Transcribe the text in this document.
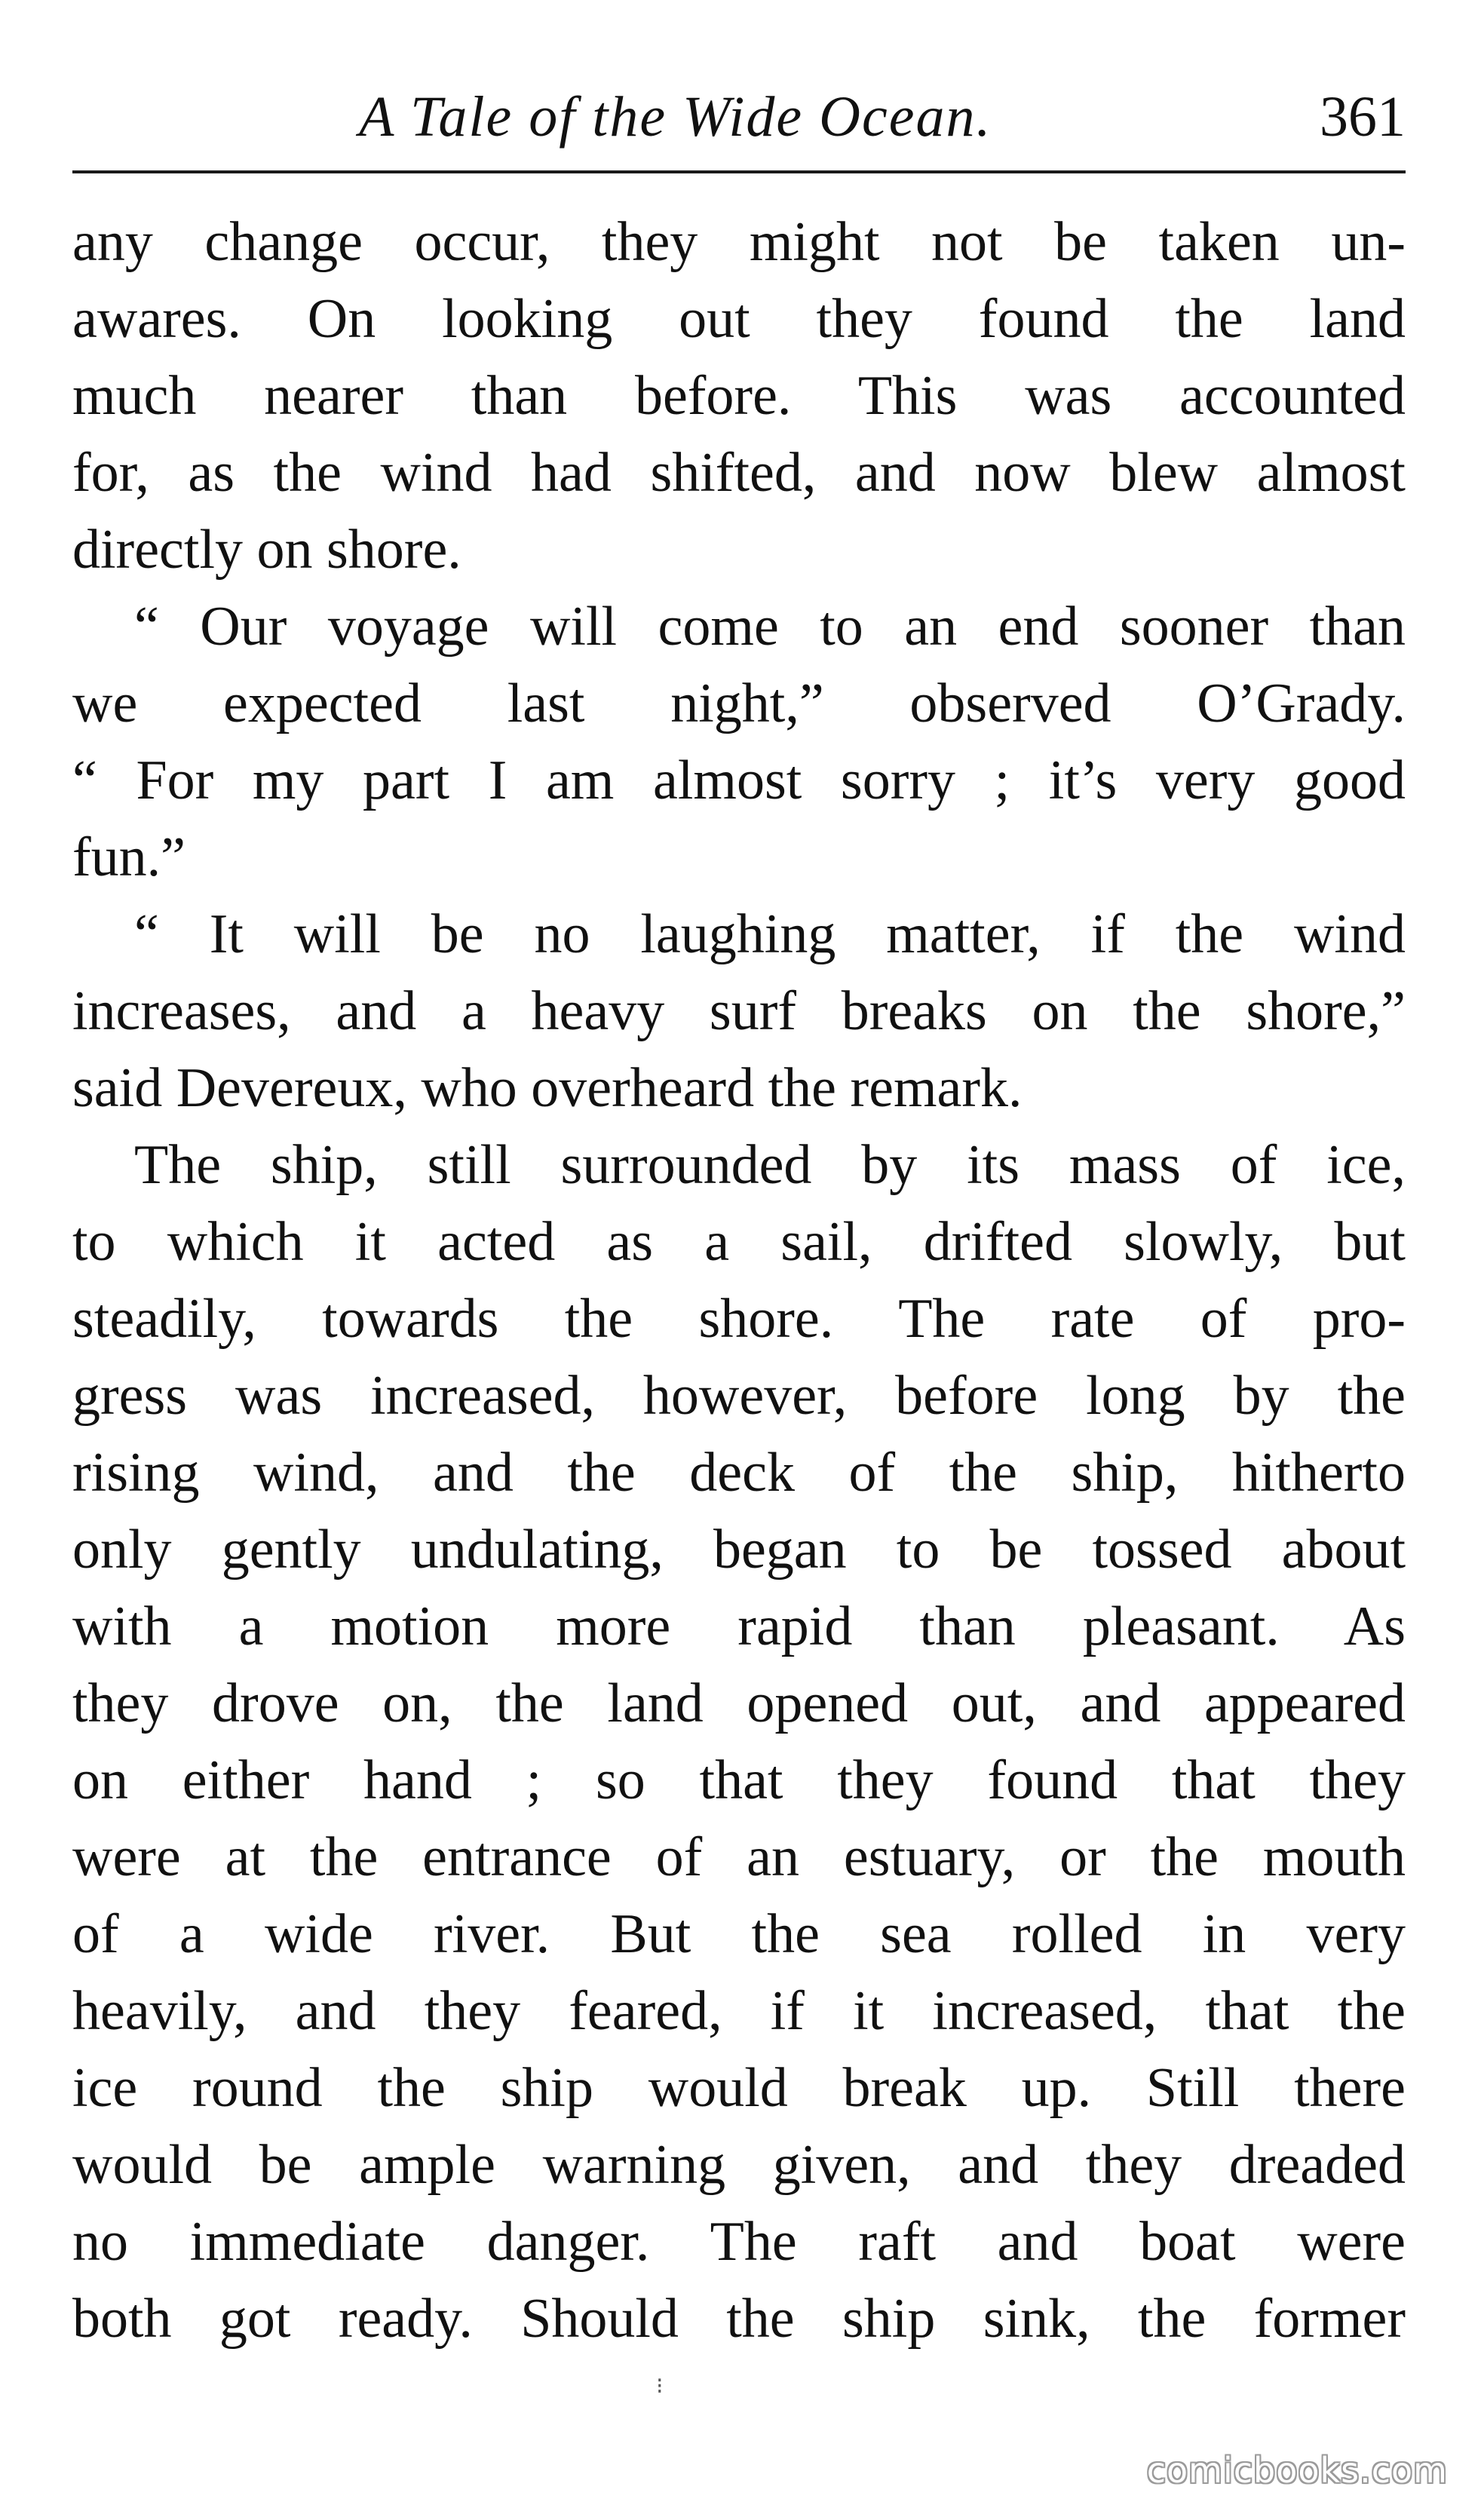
A Tale of the Wide Ocean.	361
any change occur, they might not be taken un-
awares. On looking out they found the land
much nearer than before. This was accounted
for, as the wind had shifted, and now blew almost
directly on shore.
“ Our voyage will come to an end sooner than
we expected last night,” observed O’Grady.
“ For my part I am almost sorry ; it’s very good
fun.”
“ It will be no laughing matter, if the wind
increases, and a heavy surf breaks on the shore,”
said Devereux, who overheard the remark.
The ship, still surrounded by its mass of ice,
to which it acted as a sail, drifted slowly, but
steadily, towards the shore. The rate of pro-
gress was increased, however, before long by the
rising wind, and the deck of the ship, hitherto
only gently undulating, began to be tossed about
with a motion more rapid than pleasant. As
they drove on, the land opened out, and appeared
on either hand ; so that they found that they
were at the entrance of an estuary, or the mouth
of a wide river. But the sea rolled in very
heavily, and they feared, if it increased, that the
ice round the ship would break up. Still there
would be ample warning given, and they dreaded
no immediate danger. The raft and boat were
both got ready. Should the ship sink, the former
⁝
comicbooks.com
